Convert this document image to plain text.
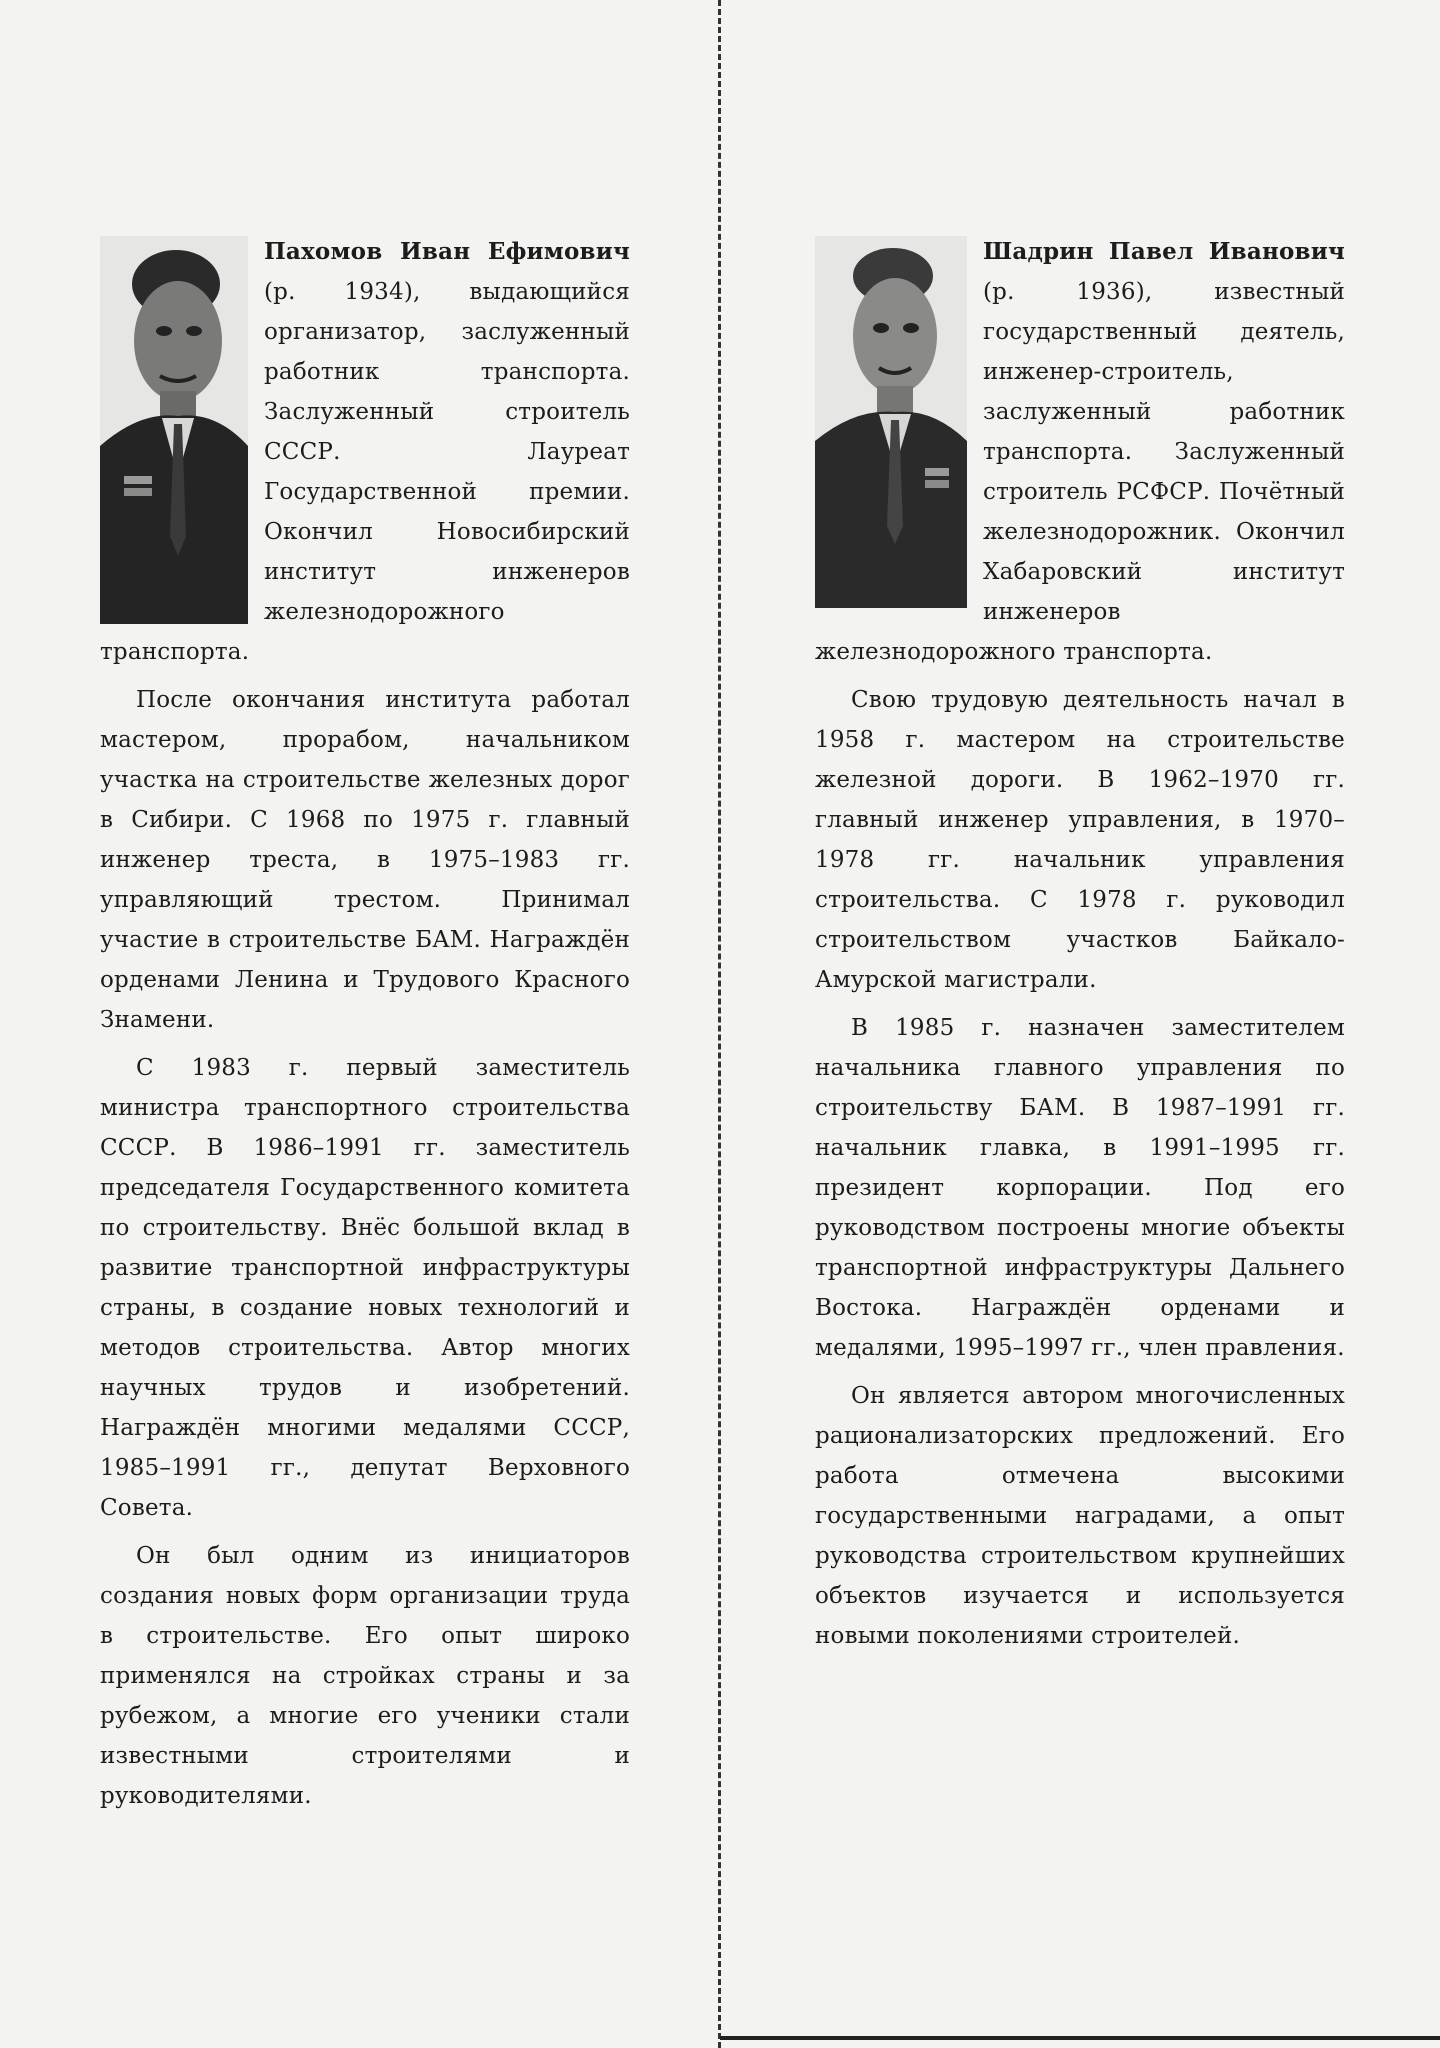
Пахомов Иван Ефимович (р. 1934), выдающийся организатор, заслуженный работник транспорта. Заслуженный строитель СССР. Лауреат Государственной премии. Окончил Новосибирский институт инженеров железнодорожного транспорта.

После окончания института работал мастером, прорабом, начальником участка на строительстве железных дорог в Сибири. С 1968 по 1975 г. главный инженер треста, в 1975–1983 гг. управляющий трестом. Принимал участие в строительстве БАМ. Награждён орденами Ленина и Трудового Красного Знамени.

С 1983 г. первый заместитель министра транспортного строительства СССР. В 1986–1991 гг. заместитель председателя Государственного комитета по строительству. Внёс большой вклад в развитие транспортной инфраструктуры страны, в создание новых технологий и методов строительства. Автор многих научных трудов и изобретений. Награждён многими медалями СССР, 1985–1991 гг., депутат Верховного Совета.

Он был одним из инициаторов создания новых форм организации труда в строительстве. Его опыт широко применялся на стройках страны и за рубежом, а многие его ученики стали известными строителями и руководителями.

Шадрин Павел Иванович (р. 1936), известный государственный деятель, инженер-строитель, заслуженный работник транспорта. Заслуженный строитель РСФСР. Почётный железнодорожник. Окончил Хабаровский институт инженеров железнодорожного транспорта.

Свою трудовую деятельность начал в 1958 г. мастером на строительстве железной дороги. В 1962–1970 гг. главный инженер управления, в 1970–1978 гг. начальник управления строительства. С 1978 г. руководил строительством участков Байкало-Амурской магистрали.

В 1985 г. назначен заместителем начальника главного управления по строительству БАМ. В 1987–1991 гг. начальник главка, в 1991–1995 гг. президент корпорации. Под его руководством построены многие объекты транспортной инфраструктуры Дальнего Востока. Награждён орденами и медалями, 1995–1997 гг., член правления.

Он является автором многочисленных рационализаторских предложений. Его работа отмечена высокими государственными наградами, а опыт руководства строительством крупнейших объектов изучается и используется новыми поколениями строителей.
